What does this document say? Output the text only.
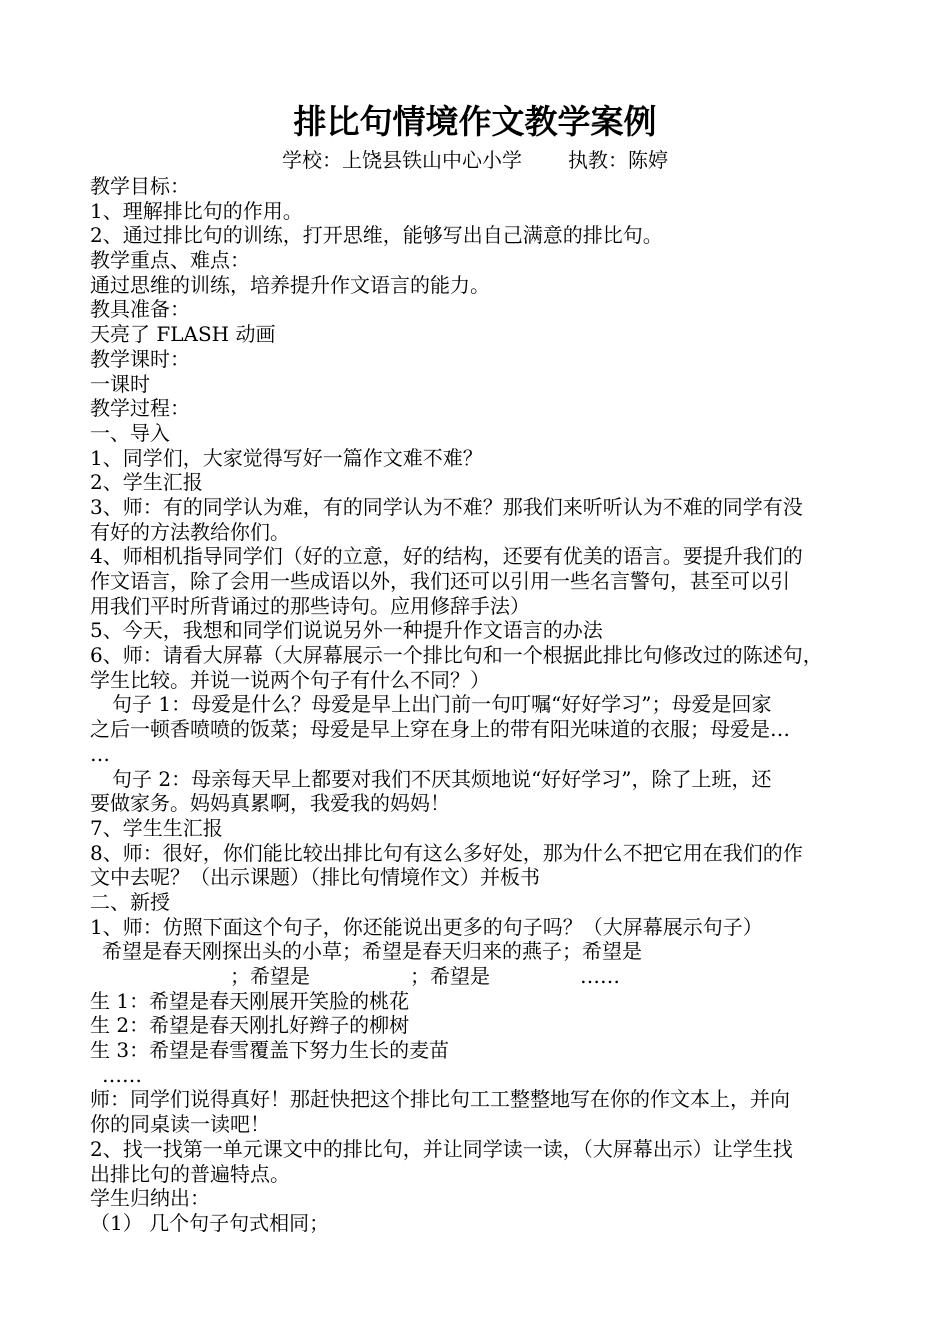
排比句情境作文教学案例
学校：上饶县铁山中心小学 执教：陈婷
教学目标：
1、理解排比句的作用。
2、通过排比句的训练，打开思维，能够写出自己满意的排比句。
教学重点、难点：
通过思维的训练，培养提升作文语言的能力。
教具准备：
天亮了 FLASH 动画
教学课时：
一课时
教学过程：
一、导入
1、同学们，大家觉得写好一篇作文难不难？
2、学生汇报
3、师：有的同学认为难，有的同学认为不难？那我们来听听认为不难的同学有没
有好的方法教给你们。
4、师相机指导同学们（好的立意，好的结构，还要有优美的语言。要提升我们的
作文语言，除了会用一些成语以外，我们还可以引用一些名言警句，甚至可以引
用我们平时所背诵过的那些诗句。应用修辞手法）
5、今天，我想和同学们说说另外一种提升作文语言的办法
6、师：请看大屏幕（大屏幕展示一个排比句和一个根据此排比句修改过的陈述句，
学生比较。并说一说两个句子有什么不同？）
句子 1：母爱是什么？母爱是早上出门前一句叮嘱“好好学习”；母爱是回家
之后一顿香喷喷的饭菜；母爱是早上穿在身上的带有阳光味道的衣服；母爱是…
…
句子 2：母亲每天早上都要对我们不厌其烦地说“好好学习”，除了上班，还
要做家务。妈妈真累啊，我爱我的妈妈！
7、学生生汇报
8、师：很好，你们能比较出排比句有这么多好处，那为什么不把它用在我们的作
文中去呢？（出示课题）（排比句情境作文）并板书
二、新授
1、师：仿照下面这个句子，你还能说出更多的句子吗？（大屏幕展示句子）
希望是春天刚探出头的小草；希望是春天归来的燕子；希望是
；希望是	；希望是	……
生 1：希望是春天刚展开笑脸的桃花
生 2：希望是春天刚扎好辫子的柳树
生 3：希望是春雪覆盖下努力生长的麦苗
……
师：同学们说得真好！那赶快把这个排比句工工整整地写在你的作文本上，并向
你的同桌读一读吧！
2、找一找第一单元课文中的排比句，并让同学读一读，（大屏幕出示）让学生找
出排比句的普遍特点。
学生归纳出：
（1） 几个句子句式相同；
